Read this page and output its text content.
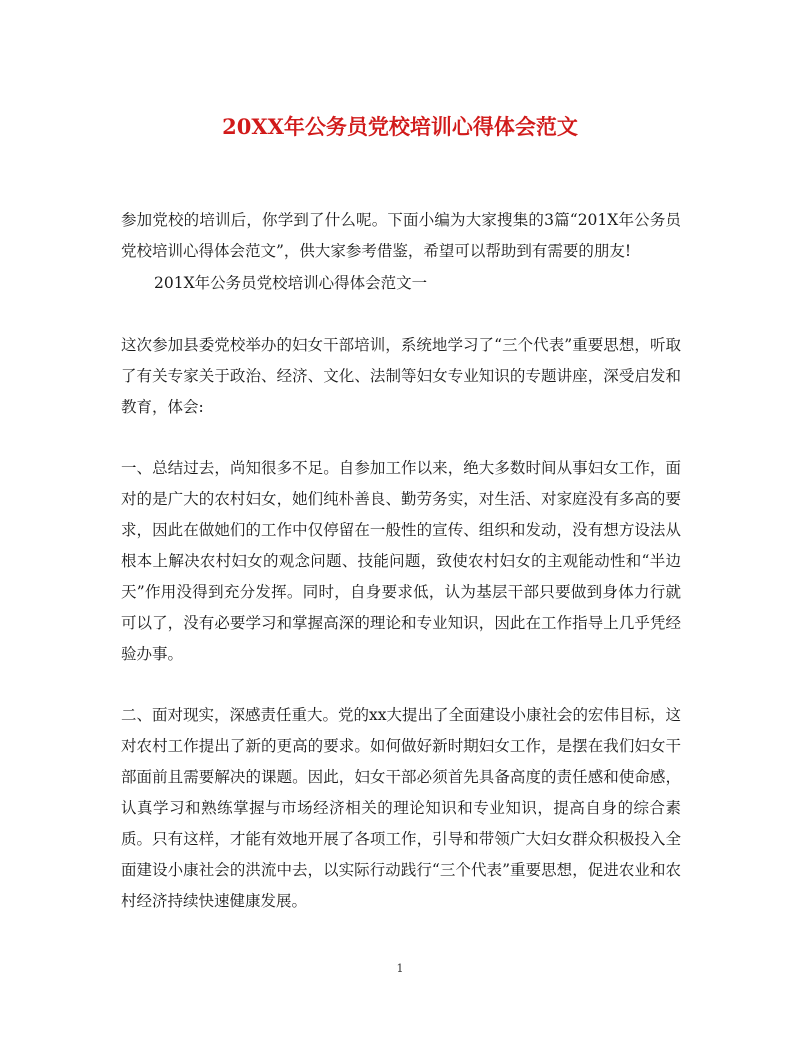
20XX年公务员党校培训心得体会范文
参加党校的培训后，你学到了什么呢。下面小编为大家搜集的3篇“201X年公务员党校培训心得体会范文”，供大家参考借鉴，希望可以帮助到有需要的朋友!
201X年公务员党校培训心得体会范文一
这次参加县委党校举办的妇女干部培训，系统地学习了“三个代表”重要思想，听取了有关专家关于政治、经济、文化、法制等妇女专业知识的专题讲座，深受启发和教育，体会:
一、总结过去，尚知很多不足。自参加工作以来，绝大多数时间从事妇女工作，面对的是广大的农村妇女，她们纯朴善良、勤劳务实，对生活、对家庭没有多高的要求，因此在做她们的工作中仅停留在一般性的宣传、组织和发动，没有想方设法从根本上解决农村妇女的观念问题、技能问题，致使农村妇女的主观能动性和“半边天”作用没得到充分发挥。同时，自身要求低，认为基层干部只要做到身体力行就可以了，没有必要学习和掌握高深的理论和专业知识，因此在工作指导上几乎凭经验办事。
二、面对现实，深感责任重大。党的xx大提出了全面建设小康社会的宏伟目标，这对农村工作提出了新的更高的要求。如何做好新时期妇女工作，是摆在我们妇女干部面前且需要解决的课题。因此，妇女干部必须首先具备高度的责任感和使命感，认真学习和熟练掌握与市场经济相关的理论知识和专业知识，提高自身的综合素质。只有这样，才能有效地开展了各项工作，引导和带领广大妇女群众积极投入全面建设小康社会的洪流中去，以实际行动践行“三个代表”重要思想，促进农业和农村经济持续快速健康发展。
1
